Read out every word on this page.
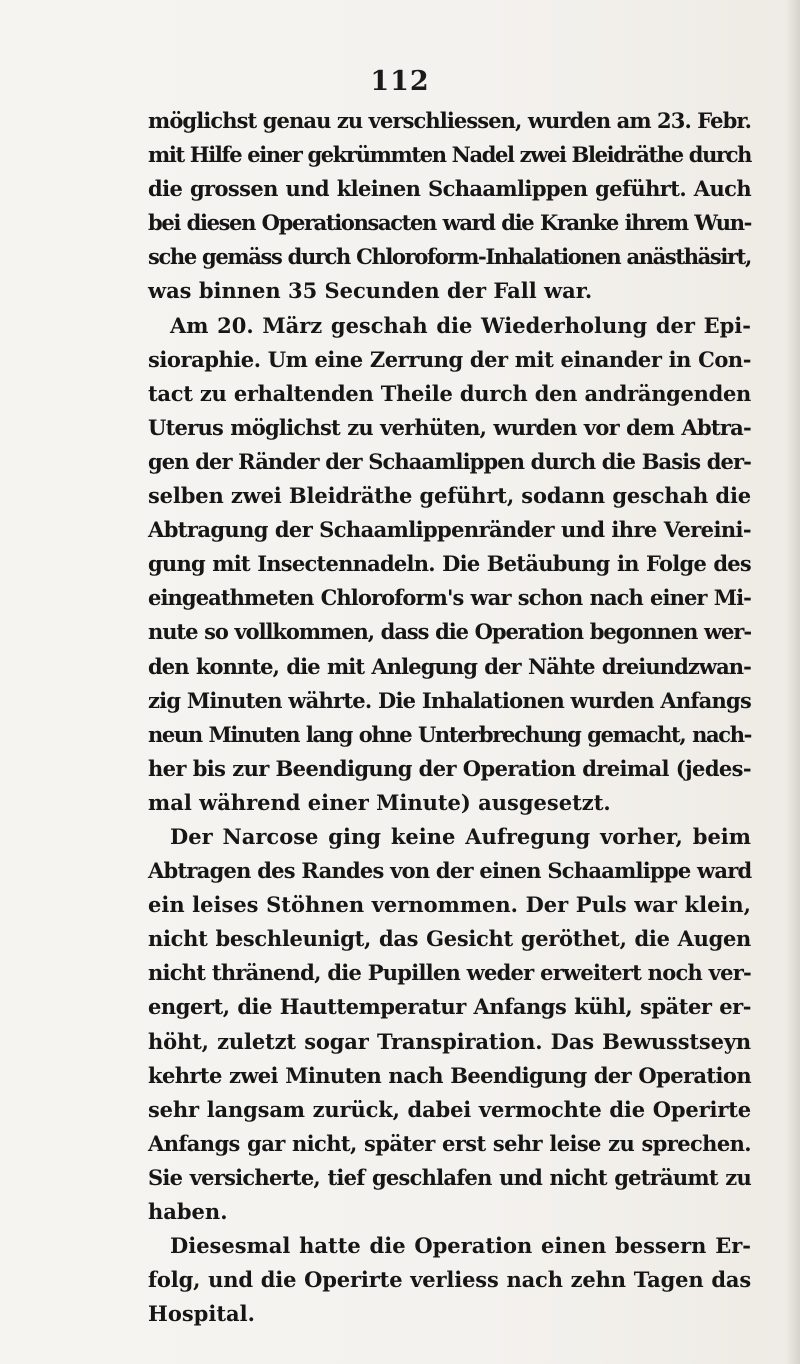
112
möglichst genau zu verschliessen, wurden am 23. Febr.
mit Hilfe einer gekrümmten Nadel zwei Bleidräthe durch
die grossen und kleinen Schaamlippen geführt. Auch
bei diesen Operationsacten ward die Kranke ihrem Wun-
sche gemäss durch Chloroform-Inhalationen anästhäsirt,
was binnen 35 Secunden der Fall war.
Am 20. März geschah die Wiederholung der Epi-
sioraphie. Um eine Zerrung der mit einander in Con-
tact zu erhaltenden Theile durch den andrängenden
Uterus möglichst zu verhüten, wurden vor dem Abtra-
gen der Ränder der Schaamlippen durch die Basis der-
selben zwei Bleidräthe geführt, sodann geschah die
Abtragung der Schaamlippenränder und ihre Vereini-
gung mit Insectennadeln. Die Betäubung in Folge des
eingeathmeten Chloroform's war schon nach einer Mi-
nute so vollkommen, dass die Operation begonnen wer-
den konnte, die mit Anlegung der Nähte dreiundzwan-
zig Minuten währte. Die Inhalationen wurden Anfangs
neun Minuten lang ohne Unterbrechung gemacht, nach-
her bis zur Beendigung der Operation dreimal (jedes-
mal während einer Minute) ausgesetzt.
Der Narcose ging keine Aufregung vorher, beim
Abtragen des Randes von der einen Schaamlippe ward
ein leises Stöhnen vernommen. Der Puls war klein,
nicht beschleunigt, das Gesicht geröthet, die Augen
nicht thränend, die Pupillen weder erweitert noch ver-
engert, die Hauttemperatur Anfangs kühl, später er-
höht, zuletzt sogar Transpiration. Das Bewusstseyn
kehrte zwei Minuten nach Beendigung der Operation
sehr langsam zurück, dabei vermochte die Operirte
Anfangs gar nicht, später erst sehr leise zu sprechen.
Sie versicherte, tief geschlafen und nicht geträumt zu
haben.
Diesesmal hatte die Operation einen bessern Er-
folg, und die Operirte verliess nach zehn Tagen das
Hospital.
